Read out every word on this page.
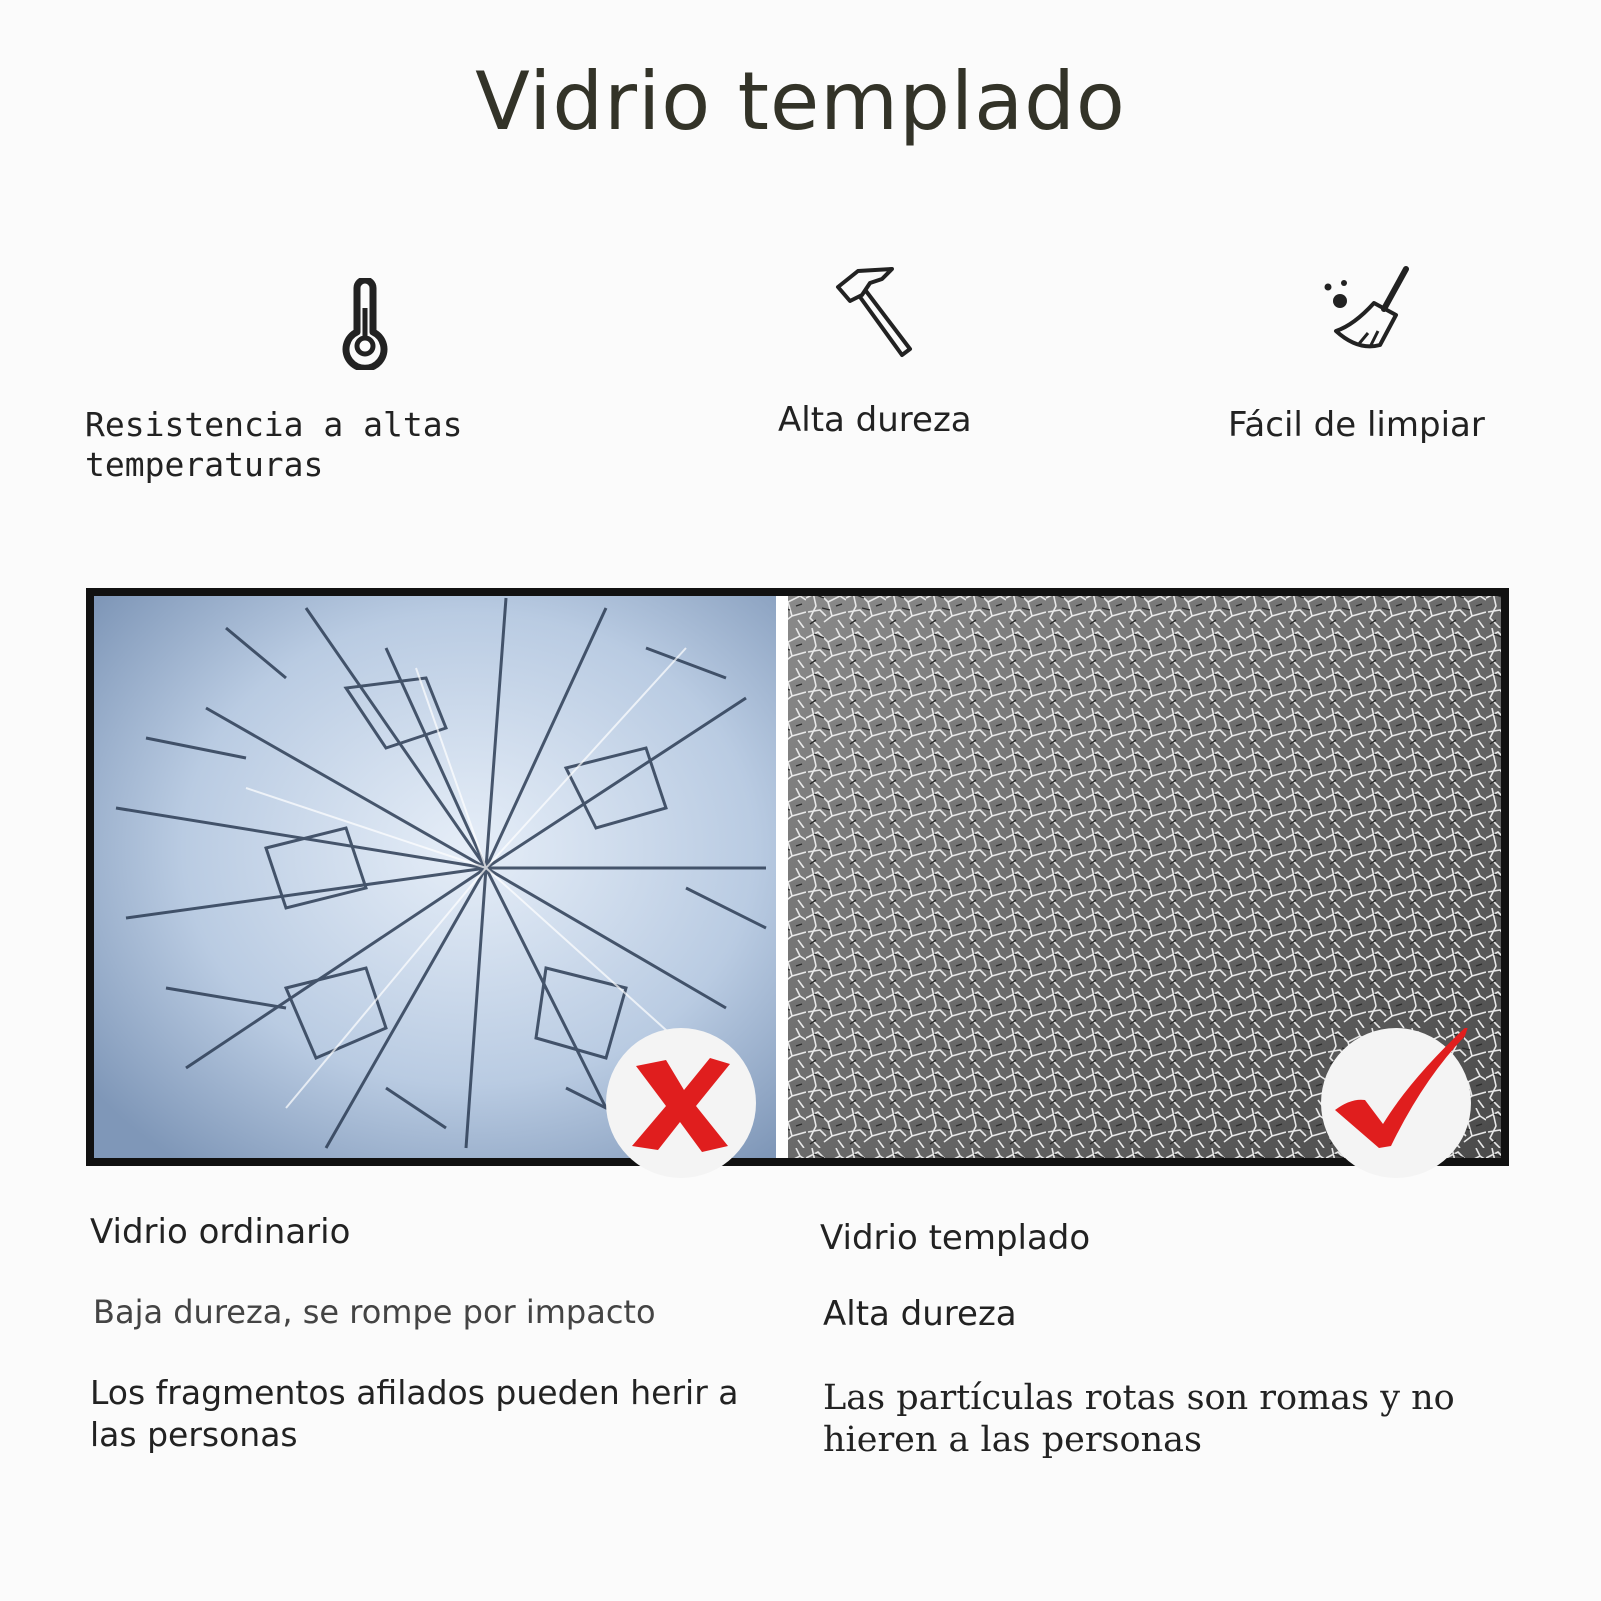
Vidrio templado
Resistencia a altas temperaturas
Alta dureza	Fácil de limpiar
Vidrio ordinario
Baja dureza, se rompe por impacto
Los fragmentos afilados pueden herir a las personas
Vidrio templado
Alta dureza
Las partículas rotas son romas y no hieren a las personas
